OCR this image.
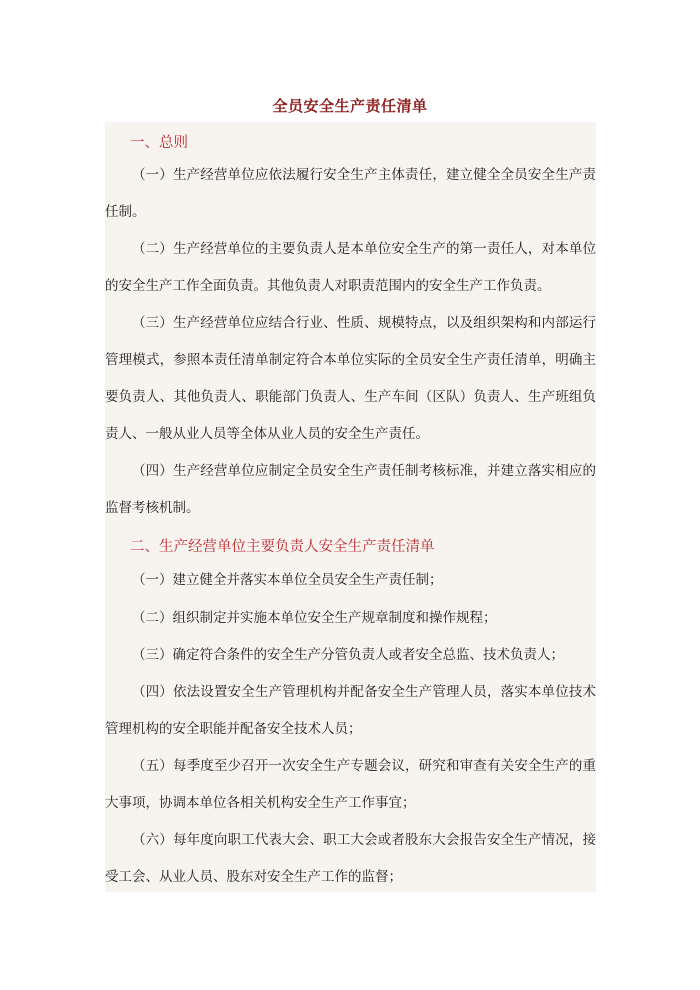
全员安全生产责任清单
一、总则
（一）生产经营单位应依法履行安全生产主体责任，建立健全全员安全生产责任制。
（二）生产经营单位的主要负责人是本单位安全生产的第一责任人，对本单位的安全生产工作全面负责。其他负责人对职责范围内的安全生产工作负责。
（三）生产经营单位应结合行业、性质、规模特点，以及组织架构和内部运行管理模式，参照本责任清单制定符合本单位实际的全员安全生产责任清单，明确主要负责人、其他负责人、职能部门负责人、生产车间（区队）负责人、生产班组负责人、一般从业人员等全体从业人员的安全生产责任。
（四）生产经营单位应制定全员安全生产责任制考核标准，并建立落实相应的监督考核机制。
二、生产经营单位主要负责人安全生产责任清单
（一）建立健全并落实本单位全员安全生产责任制；
（二）组织制定并实施本单位安全生产规章制度和操作规程；
（三）确定符合条件的安全生产分管负责人或者安全总监、技术负责人；
（四）依法设置安全生产管理机构并配备安全生产管理人员，落实本单位技术管理机构的安全职能并配备安全技术人员；
（五）每季度至少召开一次安全生产专题会议，研究和审查有关安全生产的重大事项，协调本单位各相关机构安全生产工作事宜；
（六）每年度向职工代表大会、职工大会或者股东大会报告安全生产情况，接受工会、从业人员、股东对安全生产工作的监督；
